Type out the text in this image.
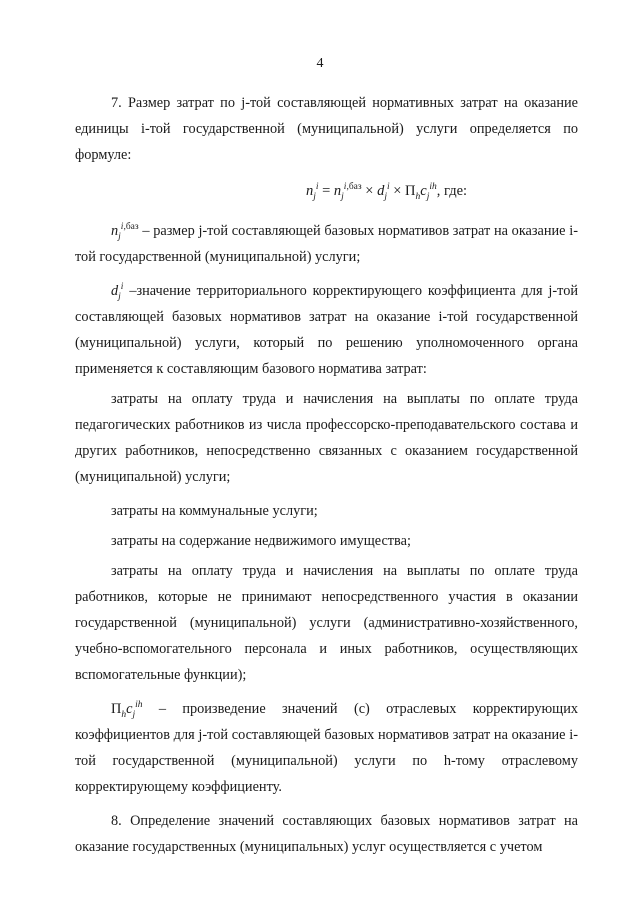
4

7. Размер затрат по j-той составляющей нормативных затрат на оказание единицы i-той государственной (муниципальной) услуги определяется по формуле:

$n_j^i = n_j^{i,баз} \times d_j^i \times П_hc_j^{ih}$, где:

$n_j^{i,баз}$ – размер j-той составляющей базовых нормативов затрат на оказание i-той государственной (муниципальной) услуги;

$d_j^i$ –значение территориального корректирующего коэффициента для j-той составляющей базовых нормативов затрат на оказание i-той государственной (муниципальной) услуги, который по решению уполномоченного органа применяется к составляющим базового норматива затрат:

затраты на оплату труда и начисления на выплаты по оплате труда педагогических работников из числа профессорско-преподавательского состава и других работников, непосредственно связанных с оказанием государственной (муниципальной) услуги;

затраты на коммунальные услуги;

затраты на содержание недвижимого имущества;

затраты на оплату труда и начисления на выплаты по оплате труда работников, которые не принимают непосредственного участия в оказании государственной (муниципальной) услуги (административно-хозяйственного, учебно-вспомогательного персонала и иных работников, осуществляющих вспомогательные функции);

$П_hc_j^{ih}$ – произведение значений (с) отраслевых корректирующих коэффициентов для j-той составляющей базовых нормативов затрат на оказание i-той государственной (муниципальной) услуги по h-тому отраслевому корректирующему коэффициенту.

8. Определение значений составляющих базовых нормативов затрат на оказание государственных (муниципальных) услуг осуществляется с учетом
